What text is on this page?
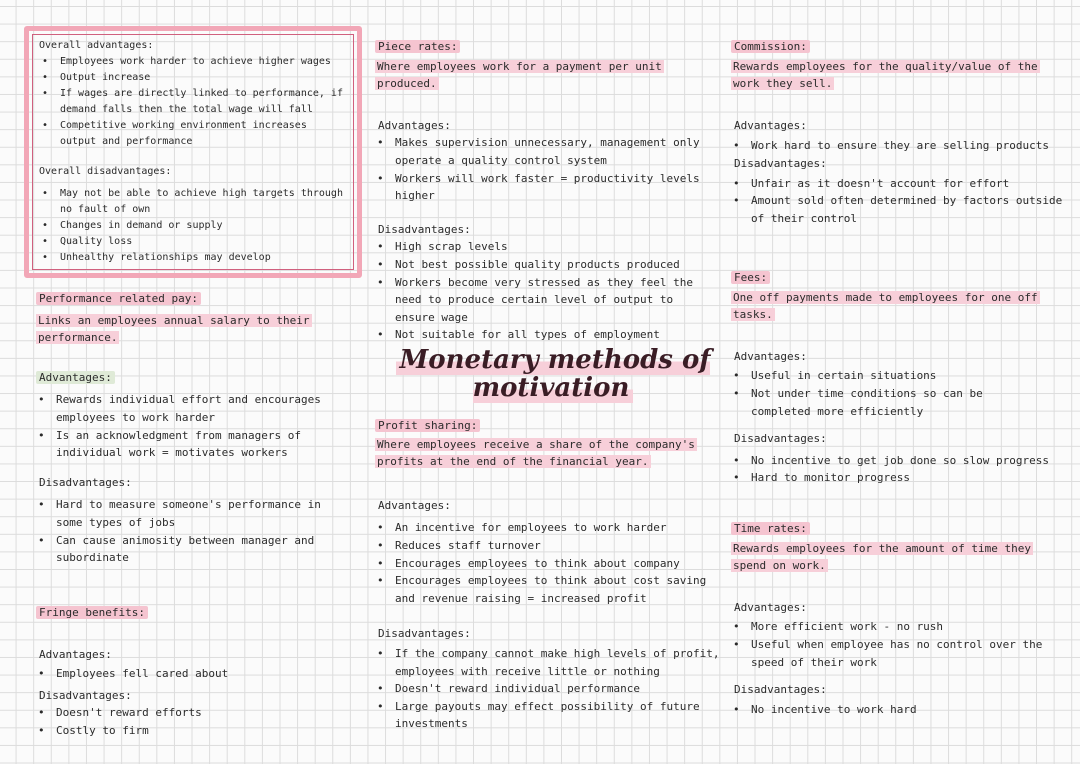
Overall advantages:
• Employees work harder to achieve higher wages
• Output increase
• If wages are directly linked to performance, if demand falls then the total wage will fall
• Competitive working environment increases output and performance
Overall disadvantages:
• May not be able to achieve high targets through no fault of own
• Changes in demand or supply
• Quality loss
• Unhealthy relationships may develop
Performance related pay:
Links an employees annual salary to their performance.
Advantages:
• Rewards individual effort and encourages employees to work harder
• Is an acknowledgment from managers of individual work = motivates workers
Disadvantages:
• Hard to measure someone's performance in some types of jobs
• Can cause animosity between manager and subordinate
Fringe benefits:
Advantages:
• Employees fell cared about
Disadvantages:
• Doesn't reward efforts
• Costly to firm
Piece rates:
Where employees work for a payment per unit produced.
Advantages:
• Makes supervision unnecessary, management only operate a quality control system
• Workers will work faster = productivity levels higher
Disadvantages:
• High scrap levels
• Not best possible quality products produced
• Workers become very stressed as they feel the need to produce certain level of output to ensure wage
• Not suitable for all types of employment
Monetary methods of motivation
Profit sharing:
Where employees receive a share of the company's profits at the end of the financial year.
Advantages:
• An incentive for employees to work harder
• Reduces staff turnover
• Encourages employees to think about company
• Encourages employees to think about cost saving and revenue raising = increased profit
Disadvantages:
• If the company cannot make high levels of profit, employees with receive little or nothing
• Doesn't reward individual performance
• Large payouts may effect possibility of future investments
Commission:
Rewards employees for the quality/value of the work they sell.
Advantages:
• Work hard to ensure they are selling products
Disadvantages:
• Unfair as it doesn't account for effort
• Amount sold often determined by factors outside of their control
Fees:
One off payments made to employees for one off tasks.
Advantages:
• Useful in certain situations
• Not under time conditions so can be completed more efficiently
Disadvantages:
• No incentive to get job done so slow progress
• Hard to monitor progress
Time rates:
Rewards employees for the amount of time they spend on work.
Advantages:
• More efficient work - no rush
• Useful when employee has no control over the speed of their work
Disadvantages:
• No incentive to work hard
